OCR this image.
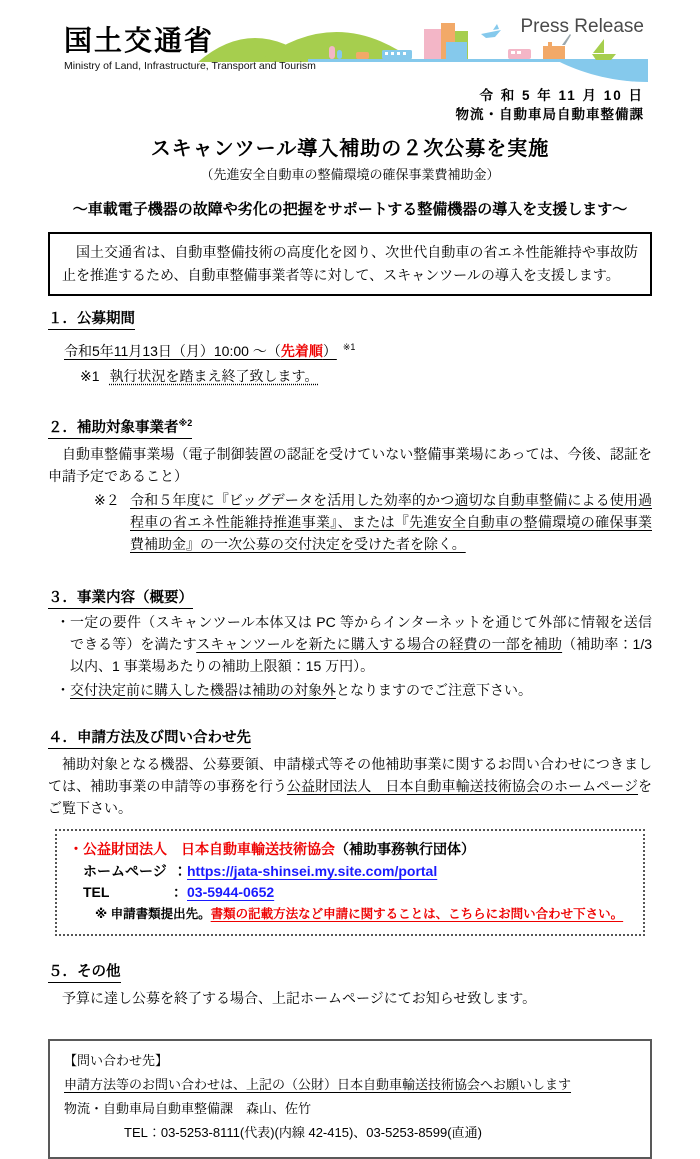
国土交通省
Ministry of Land, Infrastructure, Transport and Tourism
Press Release
令 和 5 年 11 月 10 日
物流・自動車局自動車整備課
スキャンツール導入補助の２次公募を実施
（先進安全自動車の整備環境の確保事業費補助金）
～車載電子機器の故障や劣化の把握をサポートする整備機器の導入を支援します～
国土交通省は、自動車整備技術の高度化を図り、次世代自動車の省エネ性能維持や事故防止を推進するため、自動車整備事業者等に対して、スキャンツールの導入を支援します。
１．公募期間
令和5年11月13日（月）10:00 ～（先着順） $^{※1}$
※1 執行状況を踏まえ終了致します。
２．補助対象事業者$^{※2}$
自動車整備事業場（電子制御装置の認証を受けていない整備事業場にあっては、今後、認証を申請予定であること）
※２ 令和５年度に『ビッグデータを活用した効率的かつ適切な自動車整備による使用過程車の省エネ性能維持推進事業』、または『先進安全自動車の整備環境の確保事業費補助金』の一次公募の交付決定を受けた者を除く。
３．事業内容（概要）
・ 一定の要件（スキャンツール本体又は PC 等からインターネットを通じて外部に情報を送信できる等）を満たすスキャンツールを新たに購入する場合の経費の一部を補助（補助率：1/3 以内、1 事業場あたりの補助上限額：15 万円）。
・ 交付決定前に購入した機器は補助の対象外となりますのでご注意下さい。
４．申請方法及び問い合わせ先
補助対象となる機器、公募要領、申請様式等その他補助事業に関するお問い合わせにつきましては、補助事業の申請等の事務を行う公益財団法人　日本自動車輸送技術協会のホームページをご覧下さい。
・公益財団法人　日本自動車輸送技術協会（補助事務執行団体）
ホームページ ：https://jata-shinsei.my.site.com/portal
TEL	：03-5944-0652
※ 申請書類提出先。書類の記載方法など申請に関することは、こちらにお問い合わせ下さい。
５．その他
予算に達し公募を終了する場合、上記ホームページにてお知らせ致します。
【問い合わせ先】
申請方法等のお問い合わせは、上記の（公財）日本自動車輸送技術協会へお願いします
物流・自動車局自動車整備課　森山、佐竹
TEL：03-5253-8111(代表)(内線 42-415)、03-5253-8599(直通)
